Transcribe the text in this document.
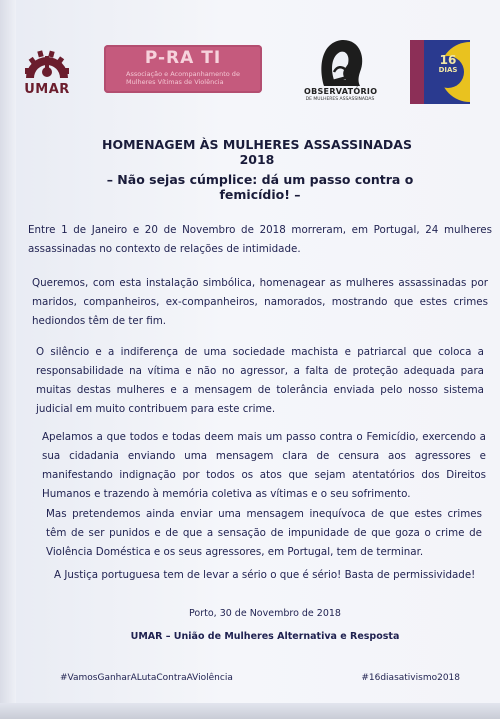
UMAR
P-RA TI
Associação e Acompanhamento de Mulheres Vítimas de Violência
OBSERVATÓRIO
DE MULHERES ASSASSINADAS
16
DIAS
HOMENAGEM ÀS MULHERES ASSASSINADAS 2018
– Não sejas cúmplice: dá um passo contra o femicídio! –

Entre 1 de Janeiro e 20 de Novembro de 2018 morreram, em Portugal, 24 mulheres assassinadas no contexto de relações de intimidade.

Queremos, com esta instalação simbólica, homenagear as mulheres assassinadas por maridos, companheiros, ex-companheiros, namorados, mostrando que estes crimes hediondos têm de ter fim.

O silêncio e a indiferença de uma sociedade machista e patriarcal que coloca a responsabilidade na vítima e não no agressor, a falta de proteção adequada para muitas destas mulheres e a mensagem de tolerância enviada pelo nosso sistema judicial em muito contribuem para este crime.

Apelamos a que todos e todas deem mais um passo contra o Femicídio, exercendo a sua cidadania enviando uma mensagem clara de censura aos agressores e manifestando indignação por todos os atos que sejam atentatórios dos Direitos Humanos e trazendo à memória coletiva as vítimas e o seu sofrimento.

Mas pretendemos ainda enviar uma mensagem inequívoca de que estes crimes têm de ser punidos e de que a sensação de impunidade de que goza o crime de Violência Doméstica e os seus agressores, em Portugal, tem de terminar.

A Justiça portuguesa tem de levar a sério o que é sério! Basta de permissividade!

Porto, 30 de Novembro de 2018
UMAR – União de Mulheres Alternativa e Resposta
#VamosGanharALutaContraAViolência	#16diasativismo2018
